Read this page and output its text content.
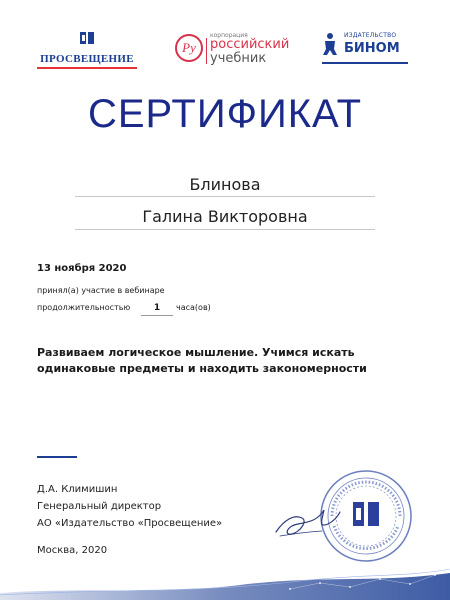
ПРОСВЕЩЕНИЕ
Ру
корпорация
российский
учебник
ИЗДАТЕЛЬСТВО
БИНОМ
СЕРТИФИКАТ
Блинова
Галина Викторовна
13 ноября 2020
принял(а) участие в вебинаре
продолжительностью	1	часа(ов)
Развиваем логическое мышление. Учимся искать одинаковые предметы и находить закономерности
Д.А. Климишин
Генеральный директор
АО «Издательство «Просвещение»
Москва, 2020
